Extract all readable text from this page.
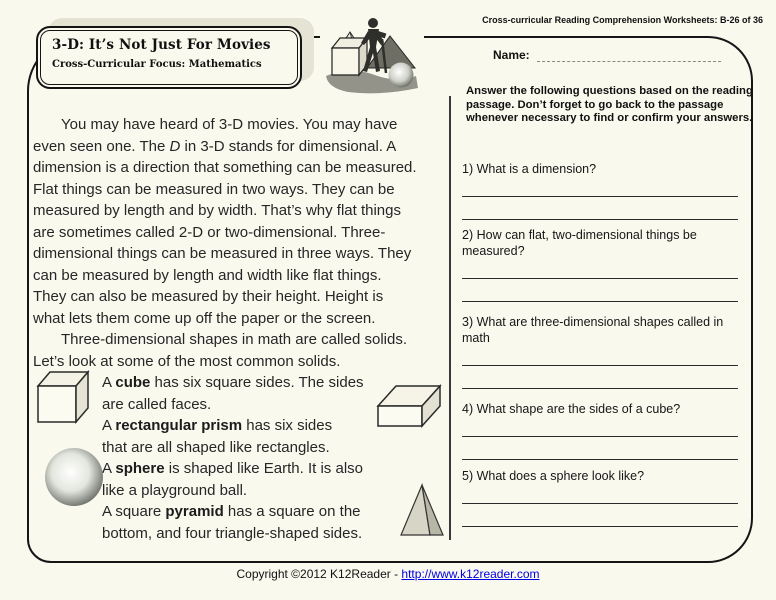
Cross-curricular Reading Comprehension Worksheets: B-26 of 36
3-D: It’s Not Just For Movies
Cross-Curricular Focus: Mathematics
You may have heard of 3-D movies. You may have
even seen one. The D in 3-D stands for dimensional. A
dimension is a direction that something can be measured.
Flat things can be measured in two ways. They can be
measured by length and by width. That’s why flat things
are sometimes called 2-D or two-dimensional. Three-
dimensional things can be measured in three ways. They
can be measured by length and width like flat things.
They can also be measured by their height. Height is
what lets them come up off the paper or the screen.
Three-dimensional shapes in math are called solids.
Let’s look at some of the most common solids.
A cube has six square sides. The sides
are called faces.
A rectangular prism has six sides
that are all shaped like rectangles.
A sphere is shaped like Earth. It is also
like a playground ball.
A square pyramid has a square on the
bottom, and four triangle-shaped sides.
Name:
Answer the following questions based on the reading passage. Don’t forget to go back to the passage whenever necessary to find or confirm your answers.
1) What is a dimension?
2) How can flat, two-dimensional things be measured?
3) What are three-dimensional shapes called in math
4) What shape are the sides of a cube?
5) What does a sphere look like?
Copyright ©2012 K12Reader - http://www.k12reader.com
